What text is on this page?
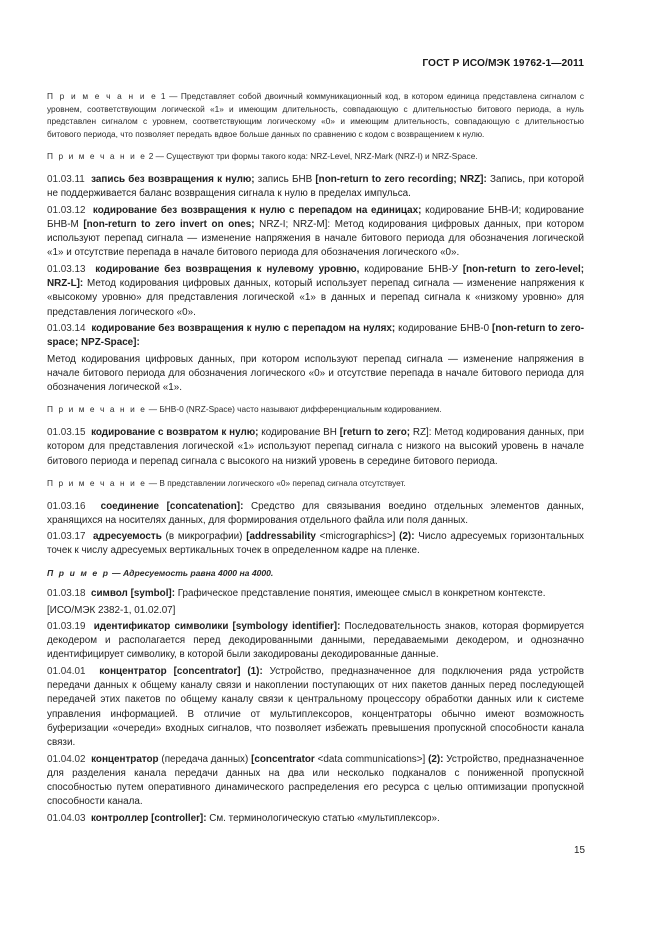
ГОСТ Р ИСО/МЭК 19762-1—2011

П р и м е ч а н и е 1 — Представляет собой двоичный коммуникационный код, в котором единица представлена сигналом с уровнем, соответствующим логической «1» и имеющим длительность, совпадающую с длительностью битового периода, а нуль представлен сигналом с уровнем, соответствующим логическому «0» и имеющим длительность, совпадающую с длительностью битового периода, что позволяет передать вдвое больше данных по сравнению с кодом с возвращением к нулю.

П р и м е ч а н и е 2 — Существуют три формы такого кода: NRZ-Level, NRZ-Mark (NRZ-I) и NRZ-Space.

01.03.11 запись без возвращения к нулю; запись БНВ [non-return to zero recording; NRZ]: Запись, при которой не поддерживается баланс возвращения сигнала к нулю в пределах импульса.

01.03.12 кодирование без возвращения к нулю с перепадом на единицах; кодирование БНВ-И; кодирование БНВ-М [non-return to zero invert on ones; NRZ-I; NRZ-M]: Метод кодирования цифровых данных, при котором используют перепад сигнала — изменение напряжения в начале битового периода для обозначения логической «1» и отсутствие перепада в начале битового периода для обозначения логического «0».

01.03.13 кодирование без возвращения к нулевому уровню, кодирование БНВ-У [non-return to zero-level; NRZ-L]: Метод кодирования цифровых данных, который использует перепад сигнала — изменение напряжения к «высокому уровню» для представления логической «1» в данных и перепад сигнала к «низкому уровню» для представления логического «0».

01.03.14 кодирование без возвращения к нулю с перепадом на нулях; кодирование БНВ-0 [non-return to zero-space; NPZ-Space]:

Метод кодирования цифровых данных, при котором используют перепад сигнала — изменение напряжения в начале битового периода для обозначения логического «0» и отсутствие перепада в начале битового периода для обозначения логической «1».

П р и м е ч а н и е — БНВ-0 (NRZ-Space) часто называют дифференциальным кодированием.

01.03.15 кодирование с возвратом к нулю; кодирование ВН [return to zero; RZ]: Метод кодирования данных, при котором для представления логической «1» используют перепад сигнала с низкого на высокий уровень в начале битового периода и перепад сигнала с высокого на низкий уровень в середине битового периода.

П р и м е ч а н и е — В представлении логического «0» перепад сигнала отсутствует.

01.03.16 соединение [concatenation]: Средство для связывания воедино отдельных элементов данных, хранящихся на носителях данных, для формирования отдельного файла или поля данных.

01.03.17 адресуемость (в микрографии) [addressability <micrographics>] (2): Число адресуемых горизонтальных точек к числу адресуемых вертикальных точек в определенном кадре на пленке.

П р и м е р — Адресуемость равна 4000 на 4000.

01.03.18 символ [symbol]: Графическое представление понятия, имеющее смысл в конкретном контексте.

[ИСО/МЭК 2382-1, 01.02.07]

01.03.19 идентификатор символики [symbology identifier]: Последовательность знаков, которая формируется декодером и располагается перед декодированными данными, передаваемыми декодером, и однозначно идентифицирует символику, в которой были закодированы декодированные данные.

01.04.01 концентратор [concentrator] (1): Устройство, предназначенное для подключения ряда устройств передачи данных к общему каналу связи и накоплении поступающих от них пакетов данных перед последующей передачей этих пакетов по общему каналу связи к центральному процессору обработки данных или к системе управления информацией. В отличие от мультиплексоров, концентраторы обычно имеют возможность буферизации «очереди» входных сигналов, что позволяет избежать превышения пропускной способности канала связи.

01.04.02 концентратор (передача данных) [concentrator <data communications>] (2): Устройство, предназначенное для разделения канала передачи данных на два или несколько подканалов с пониженной пропускной способностью путем оперативного динамического распределения его ресурса с целью оптимизации пропускной способности канала.

01.04.03 контроллер [controller]: См. терминологическую статью «мультиплексор».

15
